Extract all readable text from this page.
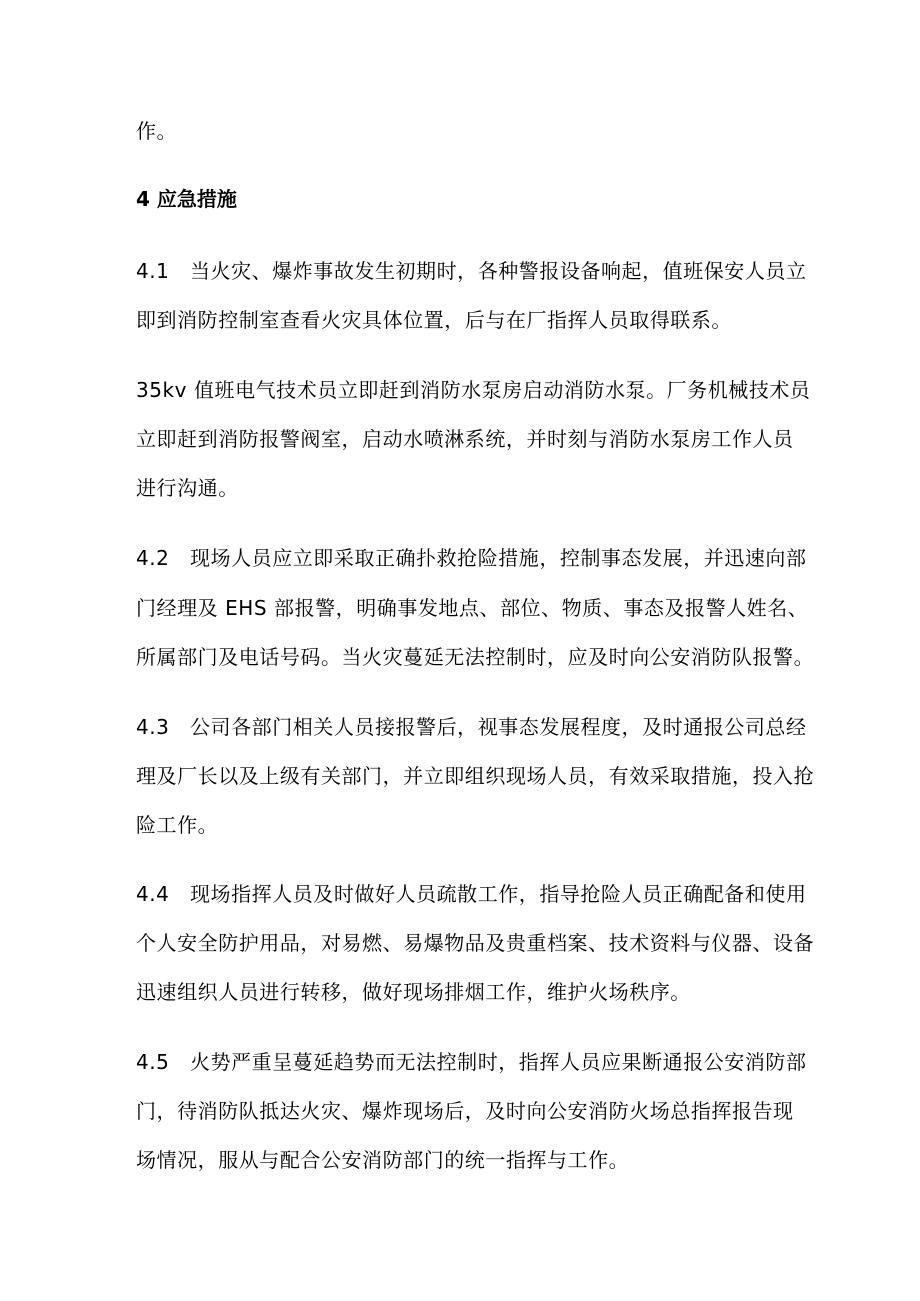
作。
4 应急措施
4.1　当火灾、爆炸事故发生初期时，各种警报设备响起，值班保安人员立
即到消防控制室查看火灾具体位置，后与在厂指挥人员取得联系。
35kv 值班电气技术员立即赶到消防水泵房启动消防水泵。厂务机械技术员
立即赶到消防报警阀室，启动水喷淋系统，并时刻与消防水泵房工作人员
进行沟通。
4.2　现场人员应立即采取正确扑救抢险措施，控制事态发展，并迅速向部
门经理及 EHS 部报警，明确事发地点、部位、物质、事态及报警人姓名、
所属部门及电话号码。当火灾蔓延无法控制时，应及时向公安消防队报警。
4.3　公司各部门相关人员接报警后，视事态发展程度，及时通报公司总经
理及厂长以及上级有关部门，并立即组织现场人员，有效采取措施，投入抢
险工作。
4.4　现场指挥人员及时做好人员疏散工作，指导抢险人员正确配备和使用
个人安全防护用品，对易燃、易爆物品及贵重档案、技术资料与仪器、设备
迅速组织人员进行转移，做好现场排烟工作，维护火场秩序。
4.5　火势严重呈蔓延趋势而无法控制时，指挥人员应果断通报公安消防部
门，待消防队抵达火灾、爆炸现场后，及时向公安消防火场总指挥报告现
场情况，服从与配合公安消防部门的统一指挥与工作。
